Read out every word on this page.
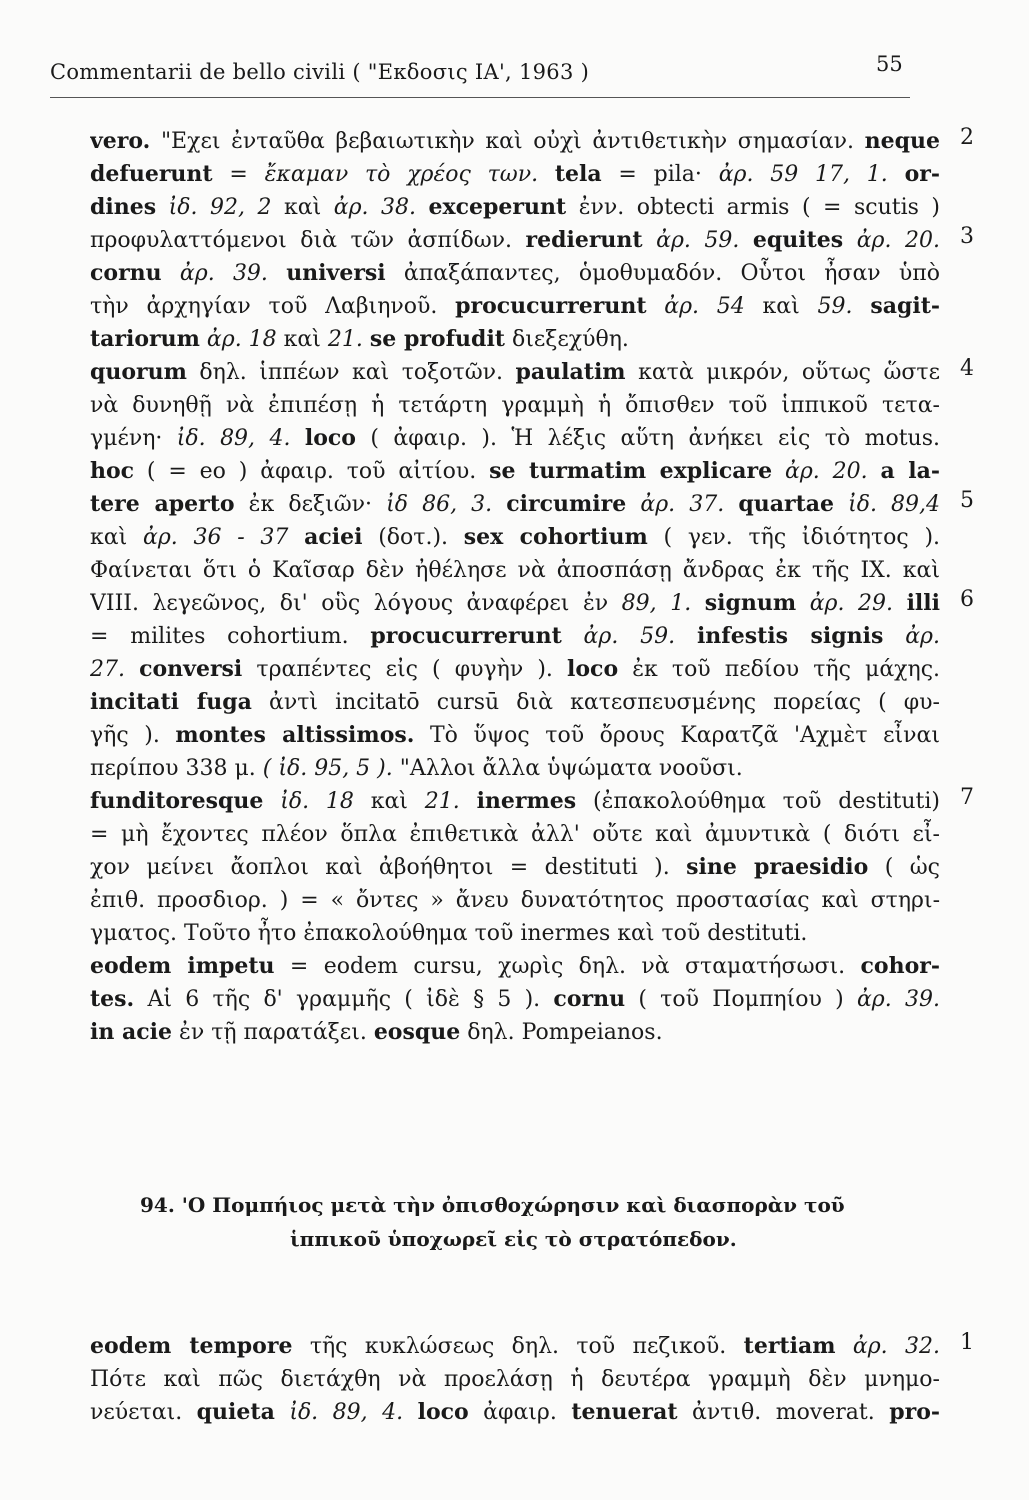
Commentarii de bello civili ( "Εκδοσις ΙΑ', 1963 )	55
vero. "Εχει ἐνταῦθα βεβαιωτικὴν καὶ οὐχὶ ἀντιθετικὴν σημασίαν. neque 2
defuerunt = ἔκαμαν τὸ χρέος των. tela = pila· ἀρ. 59 17, 1. or-
dines ἰδ. 92, 2 καὶ ἀρ. 38. exceperunt ἐνν. obtecti armis ( = scutis )
προφυλαττόμενοι διὰ τῶν ἀσπίδων. redierunt ἀρ. 59. equites ἀρ. 20. 3
cornu ἀρ. 39. universi ἀπαξάπαντες, ὁμοθυμαδόν. Οὗτοι ἦσαν ὑπὸ
τὴν ἀρχηγίαν τοῦ Λαβιηνοῦ. procucurrerunt ἀρ. 54 καὶ 59. sagit-
tariorum ἀρ. 18 καὶ 21. se profudit διεξεχύθη.
quorum δηλ. ἱππέων καὶ τοξοτῶν. paulatim κατὰ μικρόν, οὕτως ὥστε 4
νὰ δυνηθῇ νὰ ἐπιπέσῃ ἡ τετάρτη γραμμὴ ἡ ὄπισθεν τοῦ ἱππικοῦ τετα-
γμένη· ἰδ. 89, 4. loco ( ἀφαιρ. ). Ἡ λέξις αὕτη ἀνήκει εἰς τὸ motus.
hoc ( = eo ) ἀφαιρ. τοῦ αἰτίου. se turmatim explicare ἀρ. 20. a la-
tere aperto ἐκ δεξιῶν· ἰδ 86, 3. circumire ἀρ. 37. quartae ἰδ. 89,4 5
καὶ ἀρ. 36 - 37 aciei (δοτ.). sex cohortium ( γεν. τῆς ἰδιότητος ).
Φαίνεται ὅτι ὁ Καῖσαρ δὲν ἠθέλησε νὰ ἀποσπάσῃ ἄνδρας ἐκ τῆς IX. καὶ
VIII. λεγεῶνος, δι' οὓς λόγους ἀναφέρει ἐν 89, 1. signum ἀρ. 29. illi 6
= milites cohortium. procucurrerunt ἀρ. 59. infestis signis ἀρ.
27. conversi τραπέντες εἰς ( φυγὴν ). loco ἐκ τοῦ πεδίου τῆς μάχης.
incitati fuga ἀντὶ incitatō cursū διὰ κατεσπευσμένης πορείας ( φυ-
γῆς ). montes altissimos. Τὸ ὕψος τοῦ ὄρους Καρατζᾶ 'Αχμὲτ εἶναι
περίπου 338 μ. ( ἰδ. 95, 5 ). "Αλλοι ἄλλα ὑψώματα νοοῦσι.
funditoresque ἰδ. 18 καὶ 21. inermes (ἐπακολούθημα τοῦ destituti) 7
= μὴ ἔχοντες πλέον ὅπλα ἐπιθετικὰ ἀλλ' οὔτε καὶ ἀμυντικὰ ( διότι εἶ-
χον μείνει ἄοπλοι καὶ ἀβοήθητοι = destituti ). sine praesidio ( ὡς
ἐπιθ. προσδιορ. ) = « ὄντες » ἄνευ δυνατότητος προστασίας καὶ στηρι-
γματος. Τοῦτο ἦτο ἐπακολούθημα τοῦ inermes καὶ τοῦ destituti.
eodem impetu = eodem cursu, χωρὶς δηλ. νὰ σταματήσωσι. cohor-
tes. Αἱ 6 τῆς δ' γραμμῆς ( ἰδὲ § 5 ). cornu ( τοῦ Πομπηίου ) ἀρ. 39.
in acie ἐν τῇ παρατάξει. eosque δηλ. Pompeianos.
94. 'Ο Πομπήιος μετὰ τὴν ὀπισθοχώρησιν καὶ διασπορὰν τοῦ
ἱππικοῦ ὑποχωρεῖ εἰς τὸ στρατόπεδον.
eodem tempore τῆς κυκλώσεως δηλ. τοῦ πεζικοῦ. tertiam ἀρ. 32. 1
Πότε καὶ πῶς διετάχθη νὰ προελάσῃ ἡ δευτέρα γραμμὴ δὲν μνημο-
νεύεται. quieta ἰδ. 89, 4. loco ἀφαιρ. tenuerat ἀντιθ. moverat. pro-
